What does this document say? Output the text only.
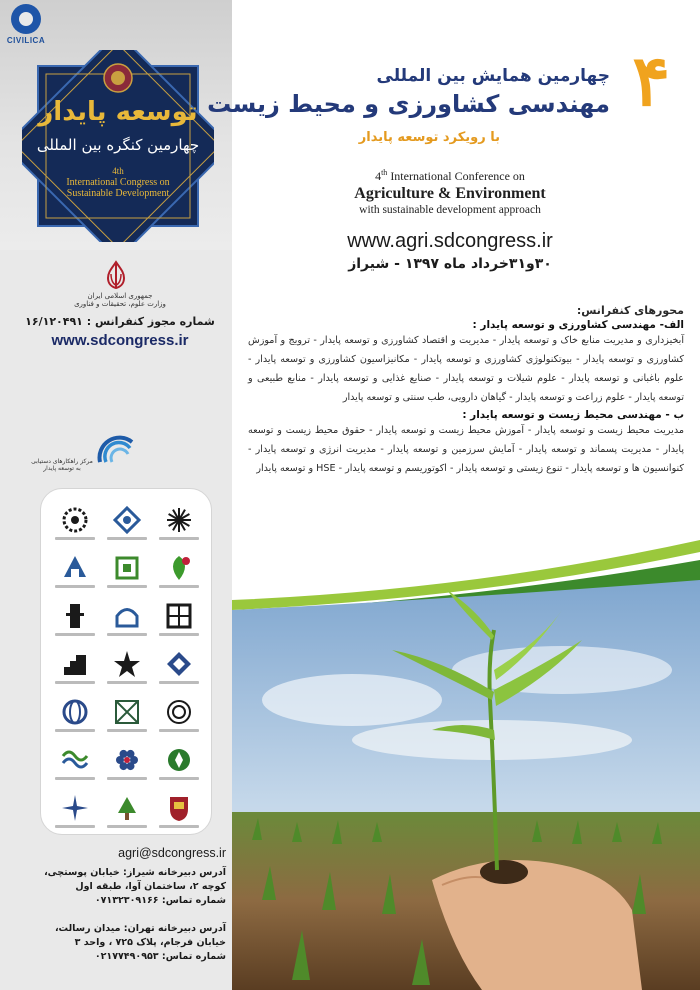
CIVILICA
توسعه پایدار
چهارمین کنگره بین المللی
4th
International Congress on
Sustainable Development
جمهوری اسلامی ایران
وزارت علوم، تحقیقات و فناوری
شماره مجوز کنفرانس : ۱۶/۱۲۰۴۹۱
www.sdcongress.ir
مرکز راهکارهای دستیابی به توسعه پایدار
agri@sdcongress.ir
آدرس دبیرخانه شیراز: خیابان پوستچی،
کوچه ۲، ساختمان آوا، طبقه اول
شماره تماس: ۰۷۱۳۲۳۰۹۱۶۶
آدرس دبیرخانه تهران: میدان رسالت،
خیابان فرجام، پلاک ۷۲۵ ، واحد ۳
شماره تماس: ۰۲۱۷۷۴۹۰۹۵۳
۴
چهارمین همایش بین المللی
مهندسی کشاورزی و محیط زیست
با رویکرد توسعه پایدار
4th International Conference on
Agriculture & Environment
with sustainable development approach
www.agri.sdcongress.ir
۳۰و۳۱خرداد ماه ۱۳۹۷ - شیراز
محورهای کنفرانس:
الف- مهندسی کشاورزی و توسعه پایدار :
آبخیزداری و مدیریت منابع خاک و توسعه پایدار - مدیریت و اقتصاد کشاورزی و توسعه پایدار - ترویج و آموزش کشاورزی و توسعه پایدار - بیوتکنولوژی کشاورزی و توسعه پایدار - مکانیزاسیون کشاورزی و توسعه پایدار - علوم باغبانی و توسعه پایدار - علوم شیلات و توسعه پایدار - صنایع غذایی و توسعه پایدار - منابع طبیعی و توسعه پایدار - علوم زراعت و توسعه پایدار - گیاهان دارویی، طب سنتی و توسعه پایدار
ب - مهندسی محیط زیست و توسعه پایدار :
مدیریت محیط زیست و توسعه پایدار - آموزش محیط زیست و توسعه پایدار - حقوق محیط زیست و توسعه پایدار - مدیریت پسماند و توسعه پایدار - آمایش سرزمین و توسعه پایدار - مدیریت انرژی و توسعه پایدار - کنوانسیون ها و توسعه پایدار - تنوع زیستی و توسعه پایدار - اکوتوریسم و توسعه پایدار - HSE و توسعه پایدار
